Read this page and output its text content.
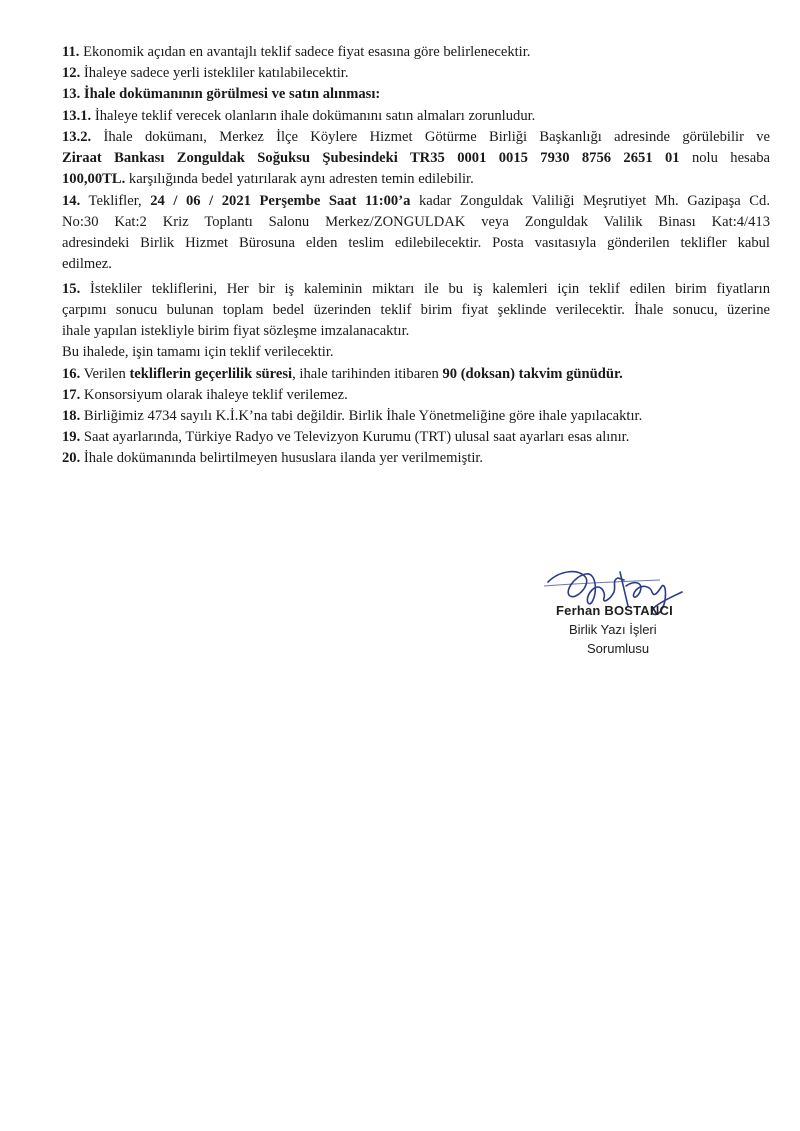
11. Ekonomik açıdan en avantajlı teklif sadece fiyat esasına göre belirlenecektir.
12. İhaleye sadece yerli istekliler katılabilecektir.
13. İhale dokümanının görülmesi ve satın alınması:
13.1. İhaleye teklif verecek olanların ihale dokümanını satın almaları zorunludur.
13.2. İhale dokümanı, Merkez İlçe Köylere Hizmet Götürme Birliği Başkanlığı adresinde görülebilir ve
Ziraat Bankası Zonguldak Soğuksu Şubesindeki TR35 0001 0015 7930 8756 2651 01 nolu hesaba
100,00TL. karşılığında bedel yatırılarak aynı adresten temin edilebilir.
14. Teklifler, 24 / 06 / 2021 Perşembe Saat 11:00’a kadar Zonguldak Valiliği Meşrutiyet Mh. Gazipaşa Cd.
No:30 Kat:2 Kriz Toplantı Salonu Merkez/ZONGULDAK veya Zonguldak Valilik Binası Kat:4/413
adresindeki Birlik Hizmet Bürosuna elden teslim edilebilecektir. Posta vasıtasıyla gönderilen teklifler kabul
edilmez.
15. İstekliler tekliflerini, Her bir iş kaleminin miktarı ile bu iş kalemleri için teklif edilen birim fiyatların
çarpımı sonucu bulunan toplam bedel üzerinden teklif birim fiyat şeklinde verilecektir. İhale sonucu, üzerine
ihale yapılan istekliyle birim fiyat sözleşme imzalanacaktır.
Bu ihalede, işin tamamı için teklif verilecektir.
16. Verilen tekliflerin geçerlilik süresi, ihale tarihinden itibaren 90 (doksan) takvim günüdür.
17. Konsorsiyum olarak ihaleye teklif verilemez.
18. Birliğimiz 4734 sayılı K.İ.K’na tabi değildir. Birlik İhale Yönetmeliğine göre ihale yapılacaktır.
19. Saat ayarlarında, Türkiye Radyo ve Televizyon Kurumu (TRT) ulusal saat ayarları esas alınır.
20. İhale dokümanında belirtilmeyen hususlara ilanda yer verilmemiştir.
Ferhan BOSTANCI
Birlik Yazı İşleri
Sorumlusu
